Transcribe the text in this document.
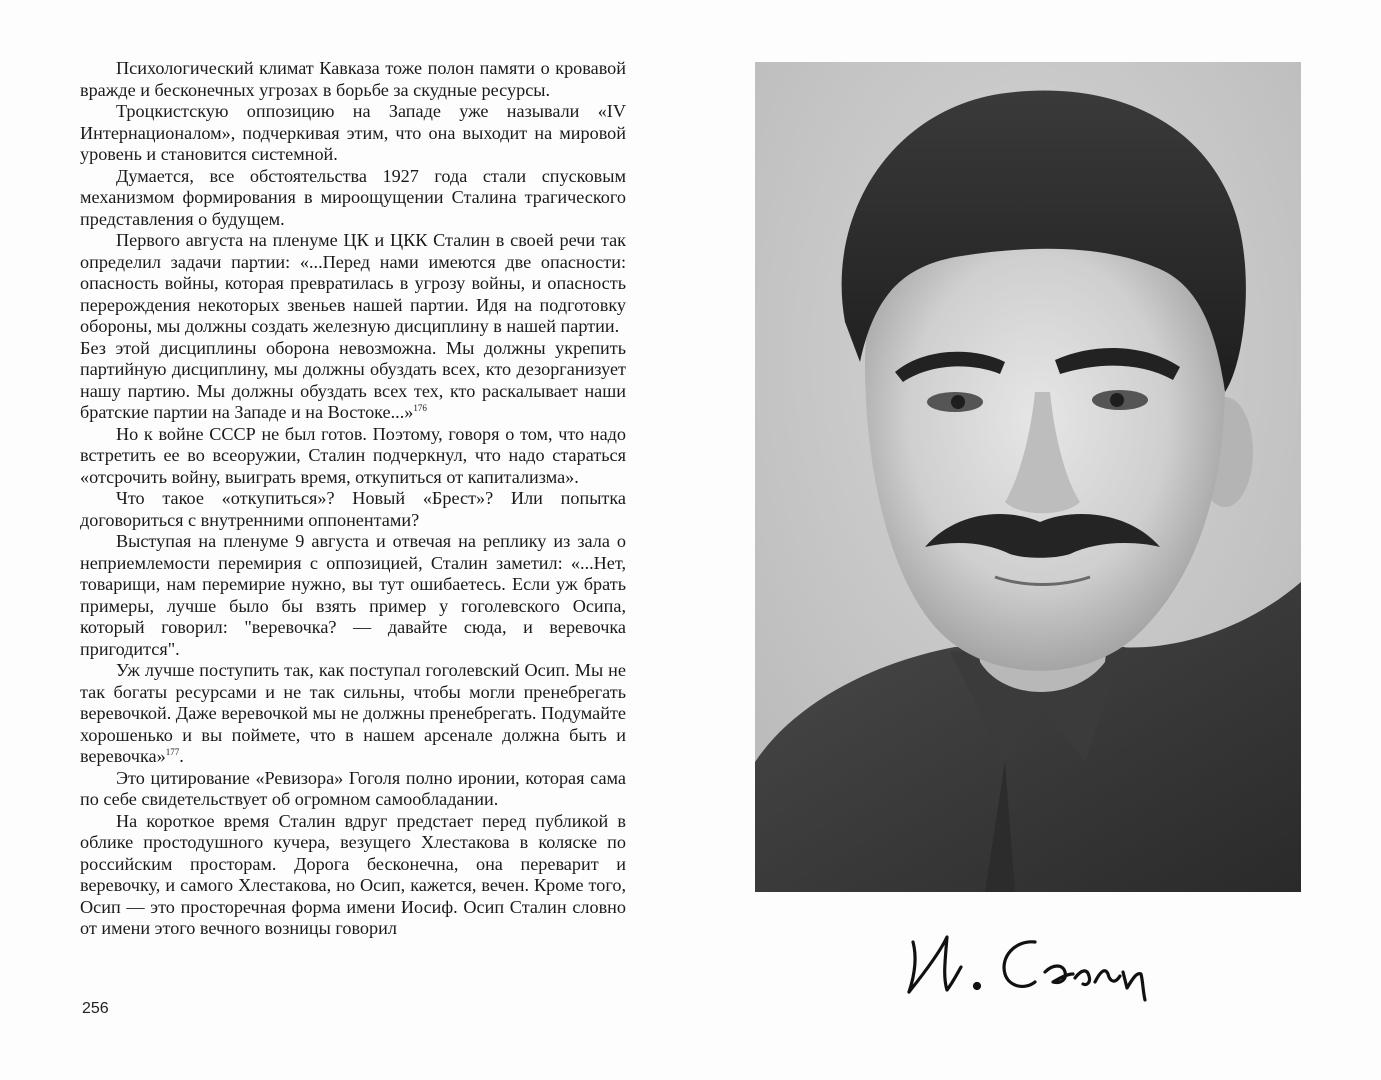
Психологический климат Кавказа тоже полон памяти о кровавой вражде и бесконечных угрозах в борьбе за скудные ресурсы.

Троцкистскую оппозицию на Западе уже называли «IV Интернационалом», подчеркивая этим, что она выходит на мировой уровень и становится системной.

Думается, все обстоятельства 1927 года стали спусковым механизмом формирования в мироощущении Сталина трагического представления о будущем.

Первого августа на пленуме ЦК и ЦКК Сталин в своей речи так определил задачи партии: «...Перед нами имеются две опасности: опасность войны, которая превратилась в угрозу войны, и опасность перерождения некоторых звеньев нашей партии. Идя на подготовку обороны, мы должны создать железную дисциплину в нашей партии.

Без этой дисциплины оборона невозможна. Мы должны укрепить партийную дисциплину, мы должны обуздать всех, кто дезорганизует нашу партию. Мы должны обуздать всех тех, кто раскалывает наши братские партии на Западе и на Востоке...»$^{176}$

Но к войне СССР не был готов. Поэтому, говоря о том, что надо встретить ее во всеоружии, Сталин подчеркнул, что надо стараться «отсрочить войну, выиграть время, откупиться от капитализма».

Что такое «откупиться»? Новый «Брест»? Или попытка договориться с внутренними оппонентами?

Выступая на пленуме 9 августа и отвечая на реплику из зала о неприемлемости перемирия с оппозицией, Сталин заметил: «...Нет, товарищи, нам перемирие нужно, вы тут ошибаетесь. Если уж брать примеры, лучше было бы взять пример у гоголевского Осипа, который говорил: "веревочка? — давайте сюда, и веревочка пригодится".

Уж лучше поступить так, как поступал гоголевский Осип. Мы не так богаты ресурсами и не так сильны, чтобы могли пренебрегать веревочкой. Даже веревочкой мы не должны пренебрегать. Подумайте хорошенько и вы поймете, что в нашем арсенале должна быть и веревочка»$^{177}$.

Это цитирование «Ревизора» Гоголя полно иронии, которая сама по себе свидетельствует об огромном самообладании.

На короткое время Сталин вдруг предстает перед публикой в облике простодушного кучера, везущего Хлестакова в коляске по российским просторам. Дорога бесконечна, она переварит и веревочку, и самого Хлестакова, но Осип, кажется, вечен. Кроме того, Осип — это просторечная форма имени Иосиф. Осип Сталин словно от имени этого вечного возницы говорил

256
